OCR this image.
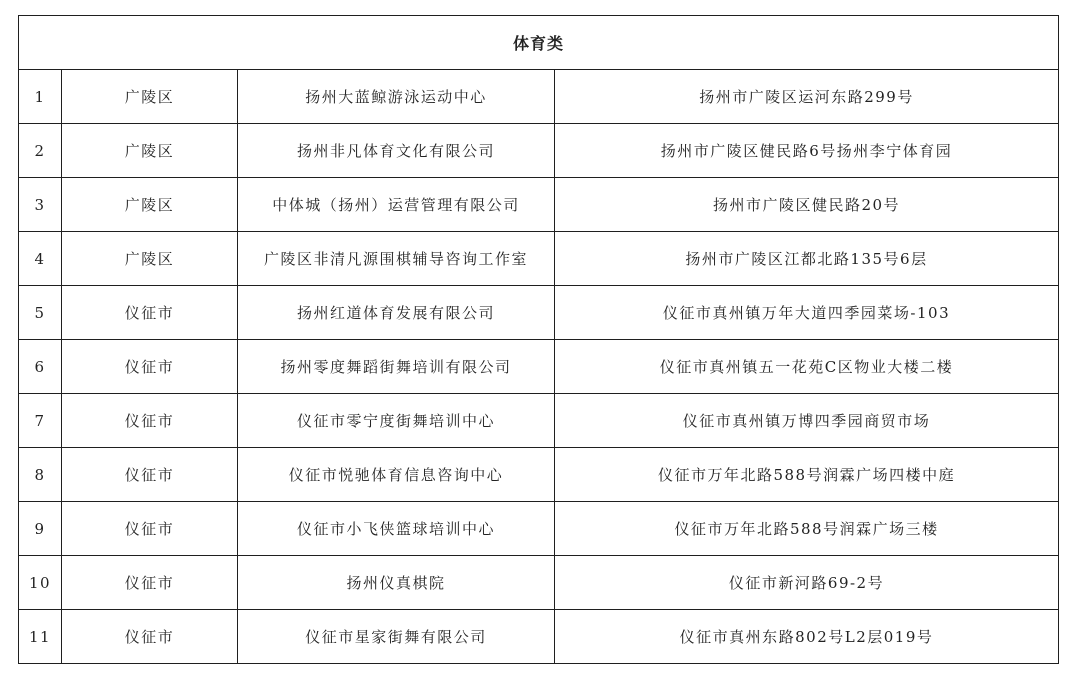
体育类			
1	广陵区	扬州大蓝鲸游泳运动中心	扬州市广陵区运河东路299号
2	广陵区	扬州非凡体育文化有限公司	扬州市广陵区健民路6号扬州李宁体育园
3	广陵区	中体城（扬州）运营管理有限公司	扬州市广陵区健民路20号
4	广陵区	广陵区非清凡源围棋辅导咨询工作室	扬州市广陵区江都北路135号6层
5	仪征市	扬州红道体育发展有限公司	仪征市真州镇万年大道四季园菜场-103
6	仪征市	扬州零度舞蹈街舞培训有限公司	仪征市真州镇五一花苑C区物业大楼二楼
7	仪征市	仪征市零宁度街舞培训中心	仪征市真州镇万博四季园商贸市场
8	仪征市	仪征市悦驰体育信息咨询中心	仪征市万年北路588号润霖广场四楼中庭
9	仪征市	仪征市小飞侠篮球培训中心	仪征市万年北路588号润霖广场三楼
10	仪征市	扬州仪真棋院	仪征市新河路69-2号
11	仪征市	仪征市星家街舞有限公司	仪征市真州东路802号L2层019号
